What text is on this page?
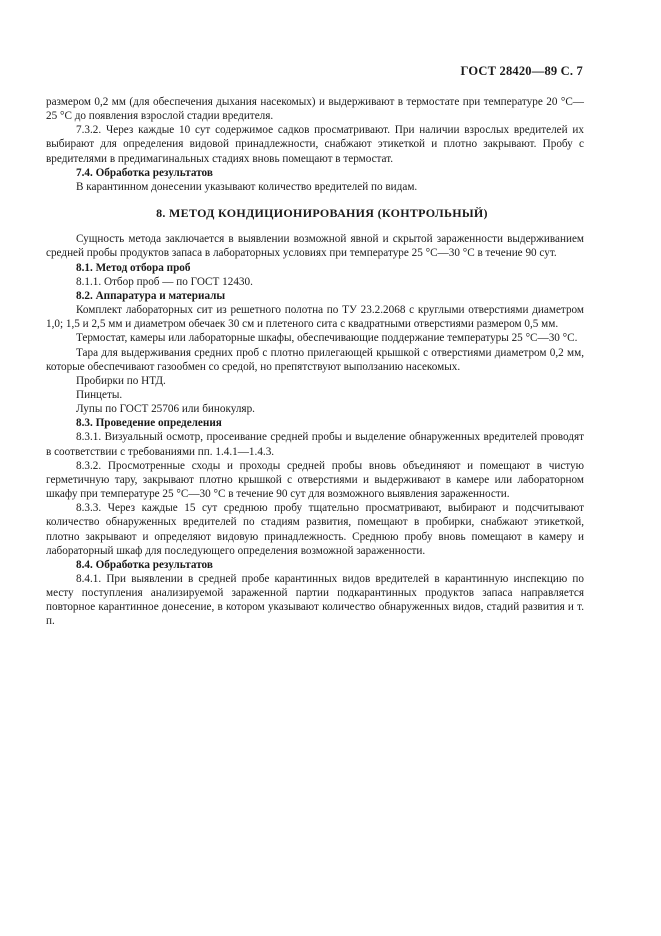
ГОСТ 28420—89 С. 7

размером 0,2 мм (для обеспечения дыхания насекомых) и выдерживают в термостате при температуре 20 °С—25 °С до появления взрослой стадии вредителя.

7.3.2. Через каждые 10 сут содержимое садков просматривают. При наличии взрослых вредителей их выбирают для определения видовой принадлежности, снабжают этикеткой и плотно закрывают. Пробу с вредителями в предимагинальных стадиях вновь помещают в термостат.

7.4. Обработка результатов

В карантинном донесении указывают количество вредителей по видам.

8. МЕТОД КОНДИЦИОНИРОВАНИЯ (КОНТРОЛЬНЫЙ)

Сущность метода заключается в выявлении возможной явной и скрытой зараженности выдерживанием средней пробы продуктов запаса в лабораторных условиях при температуре 25 °С—30 °С в течение 90 сут.

8.1. Метод отбора проб

8.1.1. Отбор проб — по ГОСТ 12430.

8.2. Аппаратура и материалы

Комплект лабораторных сит из решетного полотна по ТУ 23.2.2068 с круглыми отверстиями диаметром 1,0; 1,5 и 2,5 мм и диаметром обечаек 30 см и плетеного сита с квадратными отверстиями размером 0,5 мм.

Термостат, камеры или лабораторные шкафы, обеспечивающие поддержание температуры 25 °С—30 °С.

Тара для выдерживания средних проб с плотно прилегающей крышкой с отверстиями диаметром 0,2 мм, которые обеспечивают газообмен со средой, но препятствуют выползанию насекомых.

Пробирки по НТД.

Пинцеты.

Лупы по ГОСТ 25706 или бинокуляр.

8.3. Проведение определения

8.3.1. Визуальный осмотр, просеивание средней пробы и выделение обнаруженных вредителей проводят в соответствии с требованиями пп. 1.4.1—1.4.3.

8.3.2. Просмотренные сходы и проходы средней пробы вновь объединяют и помещают в чистую герметичную тару, закрывают плотно крышкой с отверстиями и выдерживают в камере или лабораторном шкафу при температуре 25 °С—30 °С в течение 90 сут для возможного выявления зараженности.

8.3.3. Через каждые 15 сут среднюю пробу тщательно просматривают, выбирают и подсчитывают количество обнаруженных вредителей по стадиям развития, помещают в пробирки, снабжают этикеткой, плотно закрывают и определяют видовую принадлежность. Среднюю пробу вновь помещают в камеру и лабораторный шкаф для последующего определения возможной зараженности.

8.4. Обработка результатов

8.4.1. При выявлении в средней пробе карантинных видов вредителей в карантинную инспекцию по месту поступления анализируемой зараженной партии подкарантинных продуктов запаса направляется повторное карантинное донесение, в котором указывают количество обнаруженных видов, стадий развития и т. п.
